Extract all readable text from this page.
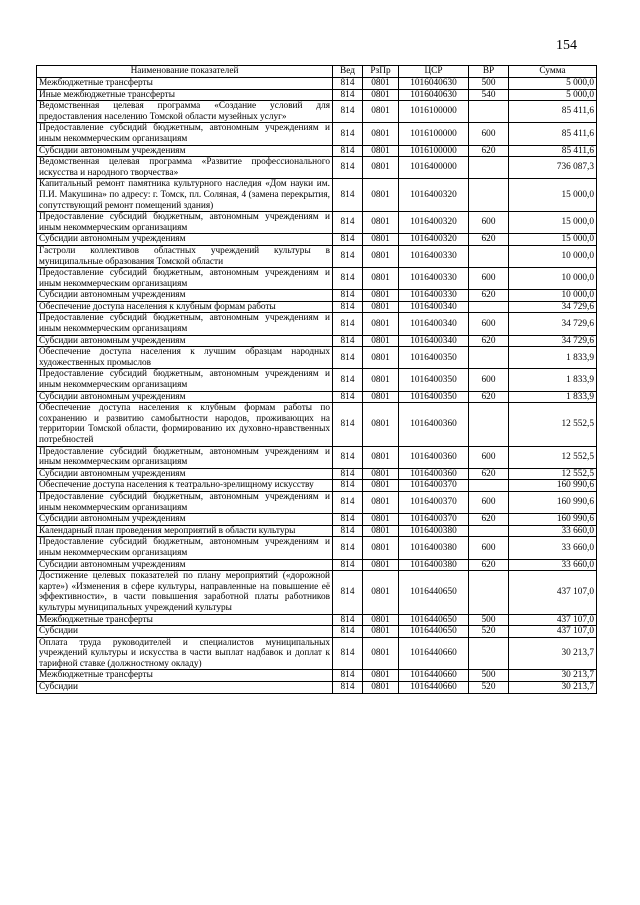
154
Наименование показателей	Вед	РзПр	ЦСР	ВР	Сумма
Межбюджетные трансферты	814	0801	1016040630	500	5 000,0
Иные межбюджетные трансферты	814	0801	1016040630	540	5 000,0
Ведомственная целевая программа «Создание условий для предоставления населению Томской области музейных услуг»	814	0801	1016100000		85 411,6
Предоставление субсидий бюджетным, автономным учреждениям и иным некоммерческим организациям	814	0801	1016100000	600	85 411,6
Субсидии автономным учреждениям	814	0801	1016100000	620	85 411,6
Ведомственная целевая программа «Развитие профессионального искусства и народного творчества»	814	0801	1016400000		736 087,3
Капитальный ремонт памятника культурного наследия «Дом науки им. П.И. Макушина» по адресу: г. Томск, пл. Соляная, 4 (замена перекрытия, сопутствующий ремонт помещений здания)	814	0801	1016400320		15 000,0
Предоставление субсидий бюджетным, автономным учреждениям и иным некоммерческим организациям	814	0801	1016400320	600	15 000,0
Субсидии автономным учреждениям	814	0801	1016400320	620	15 000,0
Гастроли коллективов областных учреждений культуры в муниципальные образования Томской области	814	0801	1016400330		10 000,0
Предоставление субсидий бюджетным, автономным учреждениям и иным некоммерческим организациям	814	0801	1016400330	600	10 000,0
Субсидии автономным учреждениям	814	0801	1016400330	620	10 000,0
Обеспечение доступа населения к клубным формам работы	814	0801	1016400340		34 729,6
Предоставление субсидий бюджетным, автономным учреждениям и иным некоммерческим организациям	814	0801	1016400340	600	34 729,6
Субсидии автономным учреждениям	814	0801	1016400340	620	34 729,6
Обеспечение доступа населения к лучшим образцам народных художественных промыслов	814	0801	1016400350		1 833,9
Предоставление субсидий бюджетным, автономным учреждениям и иным некоммерческим организациям	814	0801	1016400350	600	1 833,9
Субсидии автономным учреждениям	814	0801	1016400350	620	1 833,9
Обеспечение доступа населения к клубным формам работы по сохранению и развитию самобытности народов, проживающих на территории Томской области, формированию их духовно-нравственных потребностей	814	0801	1016400360		12 552,5
Предоставление субсидий бюджетным, автономным учреждениям и иным некоммерческим организациям	814	0801	1016400360	600	12 552,5
Субсидии автономным учреждениям	814	0801	1016400360	620	12 552,5
Обеспечение доступа населения к театрально-зрелищному искусству	814	0801	1016400370		160 990,6
Предоставление субсидий бюджетным, автономным учреждениям и иным некоммерческим организациям	814	0801	1016400370	600	160 990,6
Субсидии автономным учреждениям	814	0801	1016400370	620	160 990,6
Календарный план проведения мероприятий в области культуры	814	0801	1016400380		33 660,0
Предоставление субсидий бюджетным, автономным учреждениям и иным некоммерческим организациям	814	0801	1016400380	600	33 660,0
Субсидии автономным учреждениям	814	0801	1016400380	620	33 660,0
Достижение целевых показателей по плану мероприятий («дорожной карте») «Изменения в сфере культуры, направленные на повышение её эффективности», в части повышения заработной платы работников культуры муниципальных учреждений культуры	814	0801	1016440650		437 107,0
Межбюджетные трансферты	814	0801	1016440650	500	437 107,0
Субсидии	814	0801	1016440650	520	437 107,0
Оплата труда руководителей и специалистов муниципальных учреждений культуры и искусства в части выплат надбавок и доплат к тарифной ставке (должностному окладу)	814	0801	1016440660		30 213,7
Межбюджетные трансферты	814	0801	1016440660	500	30 213,7
Субсидии	814	0801	1016440660	520	30 213,7
